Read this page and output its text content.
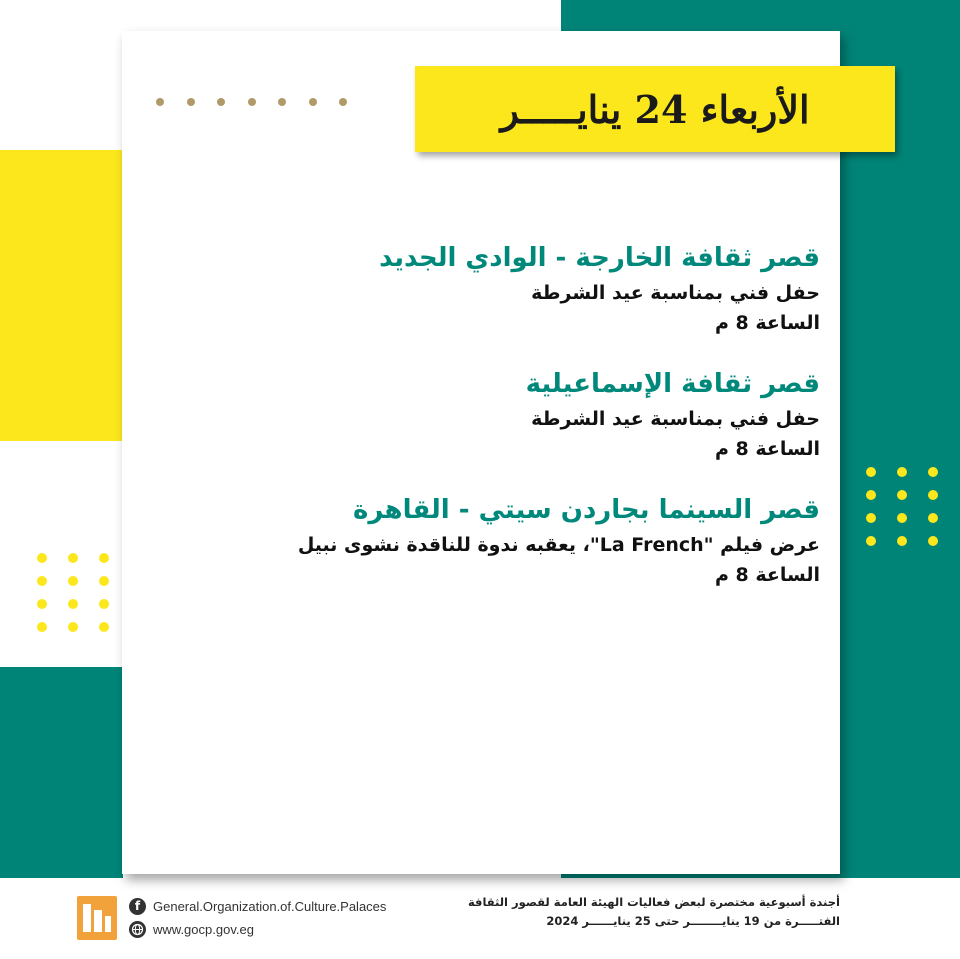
الأربعاء 24 ينايـــــر
قصر ثقافة الخارجة - الوادي الجديد
حفل فني بمناسبة عيد الشرطة
الساعة 8 م
قصر ثقافة الإسماعيلية
حفل فني بمناسبة عيد الشرطة
الساعة 8 م
قصر السينما بجاردن سيتي - القاهرة
عرض فيلم "La French"، يعقبه ندوة للناقدة نشوى نبيل
الساعة 8 م
f General.Organization.of.Culture.Palaces
www.gocp.gov.eg
أجندة أسبوعية مختصرة لبعض فعاليات الهيئة العامة لقصور الثقافة
الفتـــــرة من 19 ينايــــــــر حتى 25 ينايــــــر 2024
